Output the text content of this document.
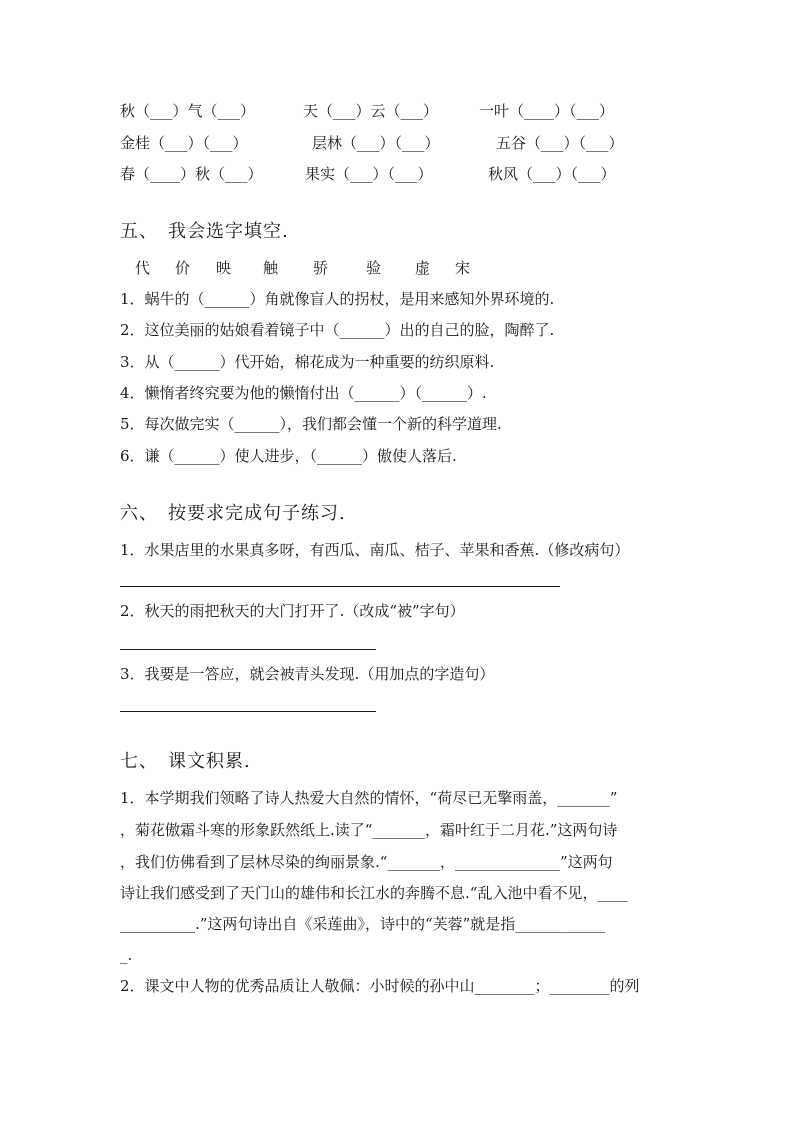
秋（___）气（___）	天（___）云（___）	一叶（____）（___）
金桂（___）（___）	层林（___）（___）	五谷（___）（___）
春（____）秋（___）	果实（___）（___）	秋风（___）（___）
五、　我会选字填空.
代 价 映 触 骄	验 虚 宋
1．蜗牛的（______）角就像盲人的拐杖，是用来感知外界环境的.
2．这位美丽的姑娘看着镜子中（______）出的自己的脸，陶醉了.
3．从（______）代开始，棉花成为一种重要的纺织原料.
4．懒惰者终究要为他的懒惰付出（______）（______）.
5．每次做完实（______），我们都会懂一个新的科学道理.
6．谦（______）使人进步，（______）傲使人落后.
六、　按要求完成句子练习.
1．水果店里的水果真多呀，有西瓜、南瓜、桔子、苹果和香蕉.（修改病句）
2．秋天的雨把秋天的大门打开了.（改成“被”字句）
3．我要是一答应，就会被青头发现.（用加点的字造句）
七、　课文积累.
1．本学期我们领略了诗人热爱大自然的情怀，“荷尽已无擎雨盖，_______”
，菊花傲霜斗寒的形象跃然纸上.读了“_______，霜叶红于二月花.”这两句诗
，我们仿佛看到了层林尽染的绚丽景象.“_______，______________”这两句
诗让我们感受到了天门山的雄伟和长江水的奔腾不息.“乱入池中看不见，____
__________.”这两句诗出自《采莲曲》，诗中的“芙蓉”就是指____________
_.
2．课文中人物的优秀品质让人敬佩：小时候的孙中山________；________的列
